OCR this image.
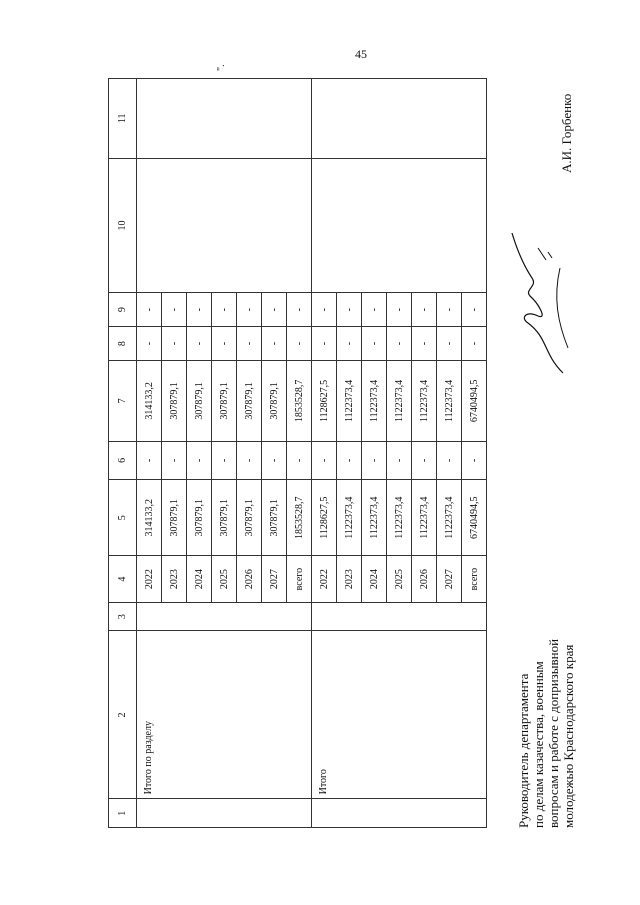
45
1	2	3	4	5	6	7	8	9	10	11
	Итого по разделу		2022	314133,2	-	314133,2	-	-		
			2023	307879,1	-	307879,1	-	-		
			2024	307879,1	-	307879,1	-	-		
			2025	307879,1	-	307879,1	-	-		
			2026	307879,1	-	307879,1	-	-		
			2027	307879,1	-	307879,1	-	-		
			всего	1853528,7	-	1853528,7	-	-		
	Итого		2022	1128627,5	-	1128627,5	-	-		
			2023	1122373,4	-	1122373,4	-	-		
			2024	1122373,4	-	1122373,4	-	-		
			2025	1122373,4	-	1122373,4	-	-		
			2026	1122373,4	-	1122373,4	-	-		
			2027	1122373,4	-	1122373,4	-	-		
			всего	6740494,5	-	6740494,5	-	-		
".
Руководитель департамента по делам казачества, военным вопросам и работе с допризывной молодежью Краснодарского края
А.И. Горбенко
